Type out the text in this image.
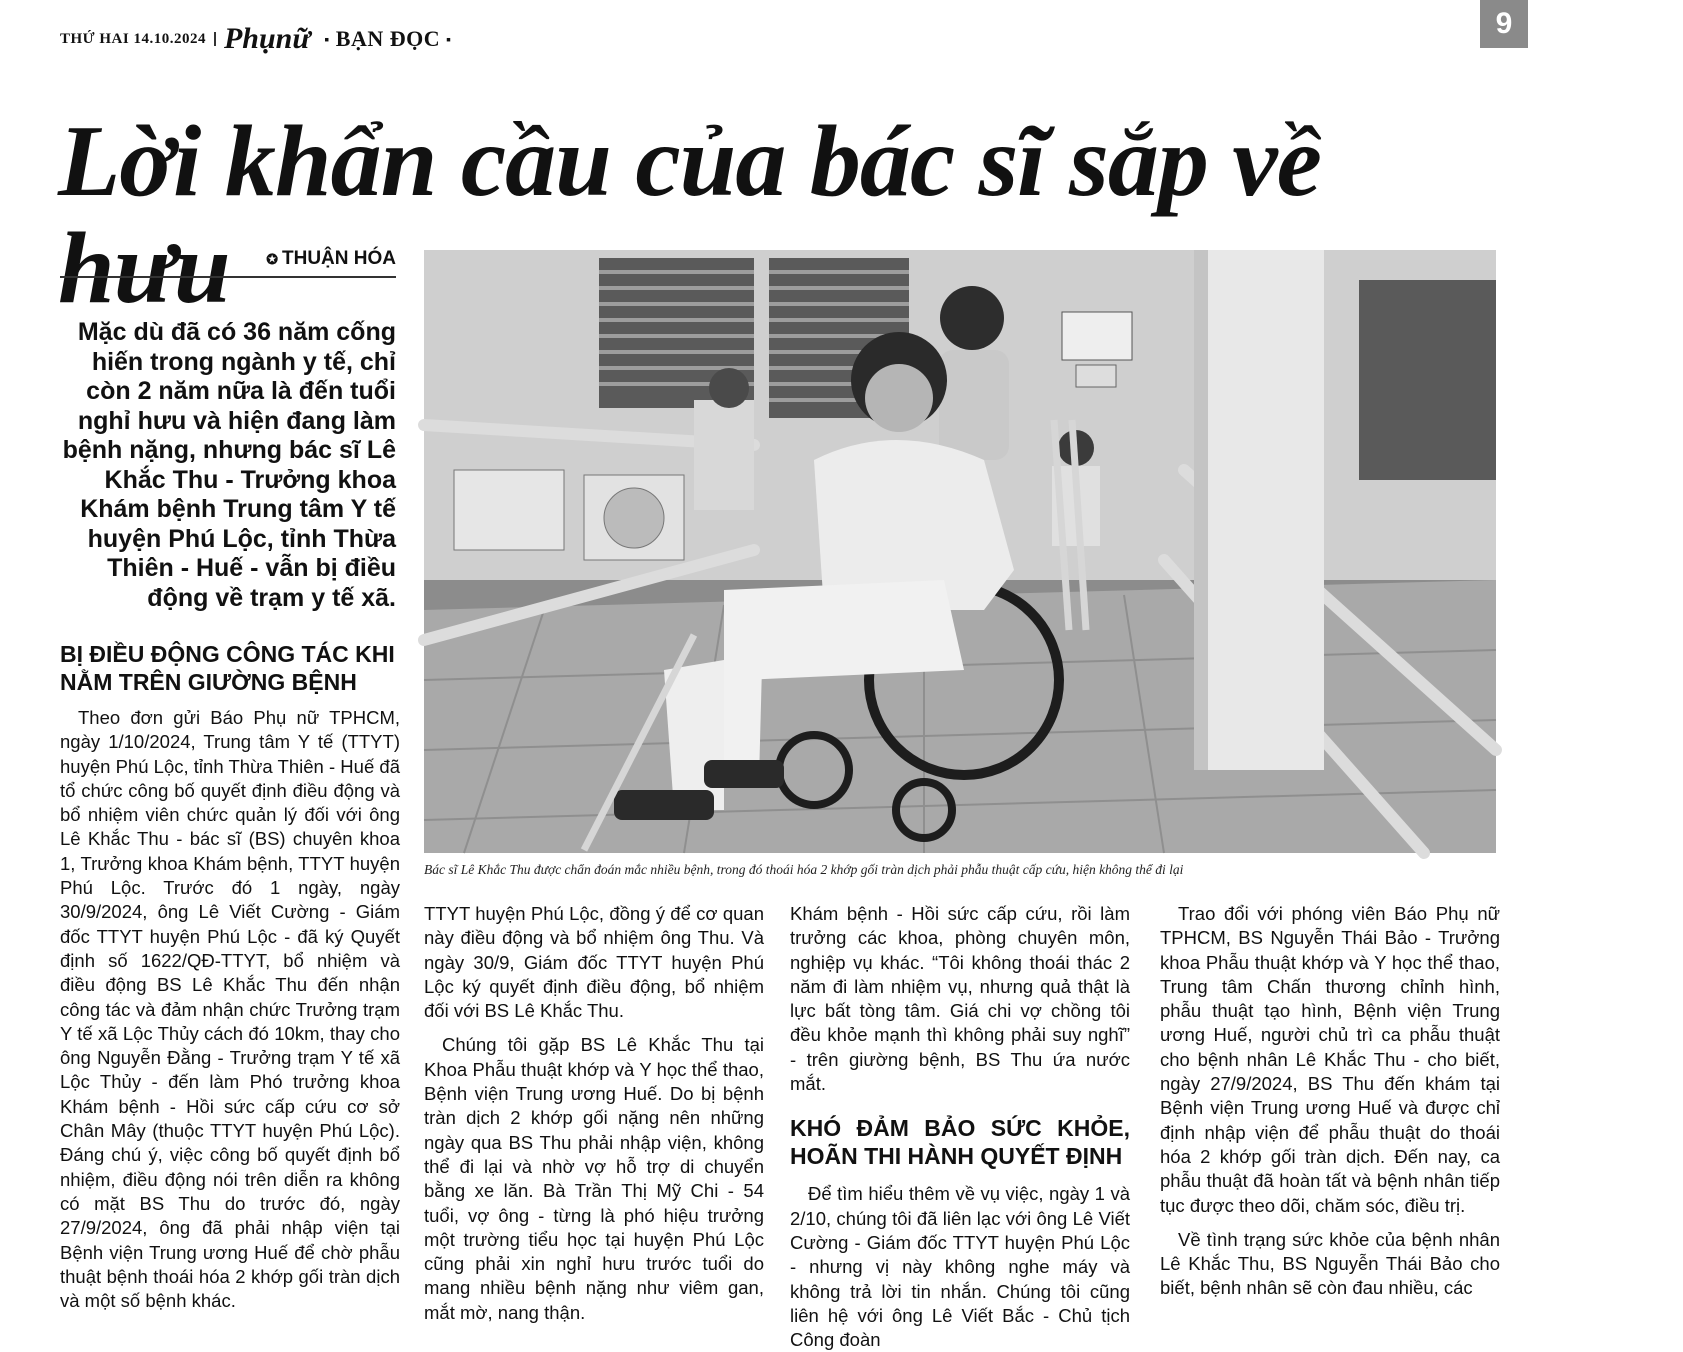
THỨ HAI 14.10.2024 Phụnữ
▪	BẠN ĐỌC ▪	9
Lời khẩn cầu của bác sĩ sắp về hưu	✪ THUẬN HÓA

Mặc dù đã có 36 năm cống hiến trong ngành y tế, chỉ còn 2 năm nữa là đến tuổi nghỉ hưu và hiện đang làm bệnh nặng, nhưng bác sĩ Lê Khắc Thu - Trưởng khoa Khám bệnh Trung tâm Y tế huyện Phú Lộc, tỉnh Thừa Thiên - Huế - vẫn bị điều động về trạm y tế xã.

BỊ ĐIỀU ĐỘNG CÔNG TÁC KHI NẰM TRÊN GIƯỜNG BỆNH

Theo đơn gửi Báo Phụ nữ TPHCM, ngày 1/10/2024, Trung tâm Y tế (TTYT) huyện Phú Lộc, tỉnh Thừa Thiên - Huế đã tổ chức công bố quyết định điều động và bổ nhiệm viên chức quản lý đối với ông Lê Khắc Thu - bác sĩ (BS) chuyên khoa 1, Trưởng khoa Khám bệnh, TTYT huyện Phú Lộc. Trước đó 1 ngày, ngày 30/9/2024, ông Lê Viết Cường - Giám đốc TTYT huyện Phú Lộc - đã ký Quyết định số 1622/QĐ-TTYT, bổ nhiệm và điều động BS Lê Khắc Thu đến nhận công tác và đảm nhận chức Trưởng trạm Y tế xã Lộc Thủy cách đó 10km, thay cho ông Nguyễn Đằng - Trưởng trạm Y tế xã Lộc Thủy - đến làm Phó trưởng khoa Khám bệnh - Hồi sức cấp cứu cơ sở Chân Mây (thuộc TTYT huyện Phú Lộc). Đáng chú ý, việc công bố quyết định bổ nhiệm, điều động nói trên diễn ra không có mặt BS Thu do trước đó, ngày 27/9/2024, ông đã phải nhập viện tại Bệnh viện Trung ương Huế để chờ phẫu thuật bệnh thoái hóa 2 khớp gối tràn dịch và một số bệnh khác.

Bác sĩ Lê Khắc Thu được chẩn đoán mắc nhiều bệnh, trong đó thoái hóa 2 khớp gối tràn dịch phải phẫu thuật cấp cứu, hiện không thể đi lại

TTYT huyện Phú Lộc, đồng ý để cơ quan này điều động và bổ nhiệm ông Thu. Và ngày 30/9, Giám đốc TTYT huyện Phú Lộc ký quyết định điều động, bổ nhiệm đối với BS Lê Khắc Thu.

Chúng tôi gặp BS Lê Khắc Thu tại Khoa Phẫu thuật khớp và Y học thể thao, Bệnh viện Trung ương Huế. Do bị bệnh tràn dịch 2 khớp gối nặng nên những ngày qua BS Thu phải nhập viện, không thể đi lại và nhờ vợ hỗ trợ di chuyển bằng xe lăn. Bà Trần Thị Mỹ Chi - 54 tuổi, vợ ông - từng là phó hiệu trưởng một trường tiểu học tại huyện Phú Lộc cũng phải xin nghỉ hưu trước tuổi do mang nhiều bệnh nặng như viêm gan, mắt mờ, nang thận.

Khám bệnh - Hồi sức cấp cứu, rồi làm trưởng các khoa, phòng chuyên môn, nghiệp vụ khác. “Tôi không thoái thác 2 năm đi làm nhiệm vụ, nhưng quả thật là lực bất tòng tâm. Giá chi vợ chồng tôi đều khỏe mạnh thì không phải suy nghĩ” - trên giường bệnh, BS Thu ứa nước mắt.

KHÓ ĐẢM BẢO SỨC KHỎE, HOÃN THI HÀNH QUYẾT ĐỊNH

Để tìm hiểu thêm về vụ việc, ngày 1 và 2/10, chúng tôi đã liên lạc với ông Lê Viết Cường - Giám đốc TTYT huyện Phú Lộc - nhưng vị này không nghe máy và không trả lời tin nhắn. Chúng tôi cũng liên hệ với ông Lê Viết Bắc - Chủ tịch Công đoàn

Trao đổi với phóng viên Báo Phụ nữ TPHCM, BS Nguyễn Thái Bảo - Trưởng khoa Phẫu thuật khớp và Y học thể thao, Trung tâm Chấn thương chỉnh hình, phẫu thuật tạo hình, Bệnh viện Trung ương Huế, người chủ trì ca phẫu thuật cho bệnh nhân Lê Khắc Thu - cho biết, ngày 27/9/2024, BS Thu đến khám tại Bệnh viện Trung ương Huế và được chỉ định nhập viện để phẫu thuật do thoái hóa 2 khớp gối tràn dịch. Đến nay, ca phẫu thuật đã hoàn tất và bệnh nhân tiếp tục được theo dõi, chăm sóc, điều trị.

Về tình trạng sức khỏe của bệnh nhân Lê Khắc Thu, BS Nguyễn Thái Bảo cho biết, bệnh nhân sẽ còn đau nhiều, các
